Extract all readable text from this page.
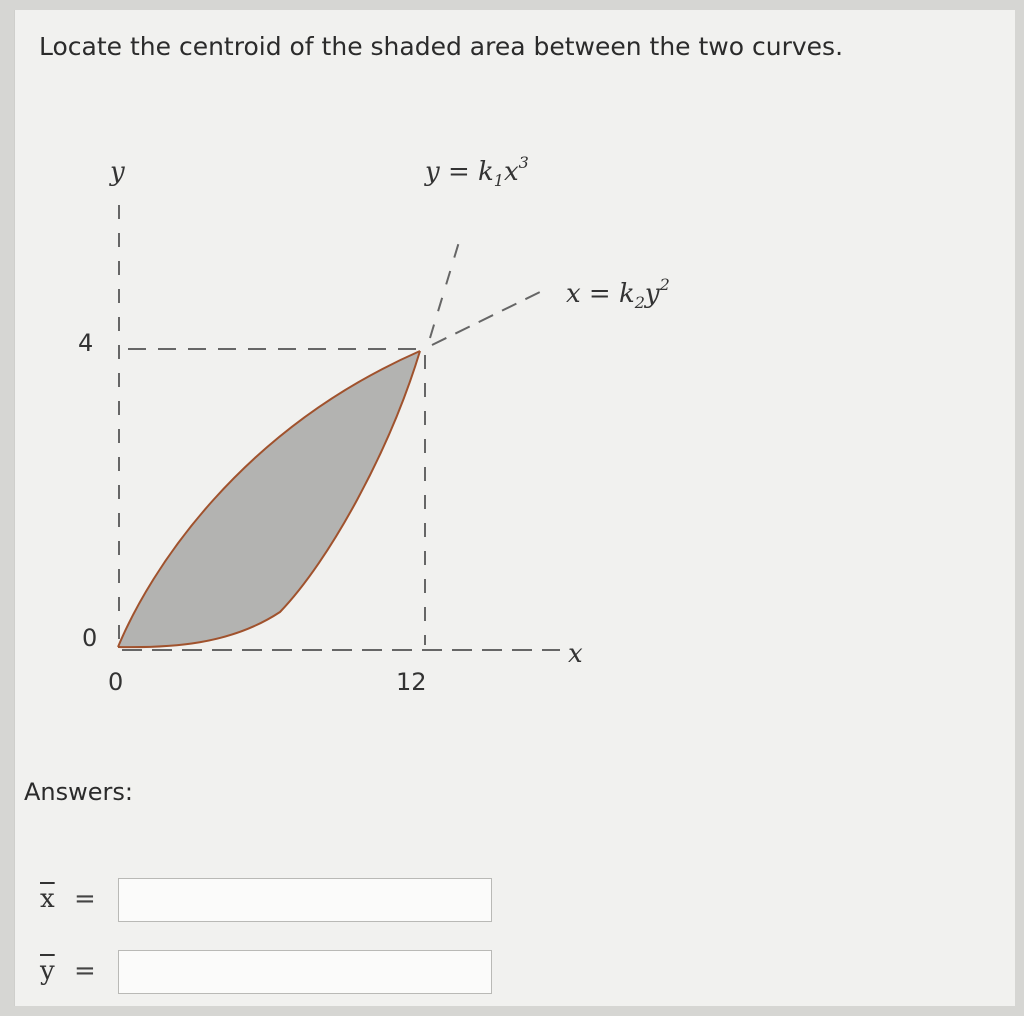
Locate the centroid of the shaded area between the two curves.
y
x
4
0
0	12
$y = k_1x^3$
$x = k_2y^2$
Answers:
$\overline{x}$ =
$\overline{y}$ =
